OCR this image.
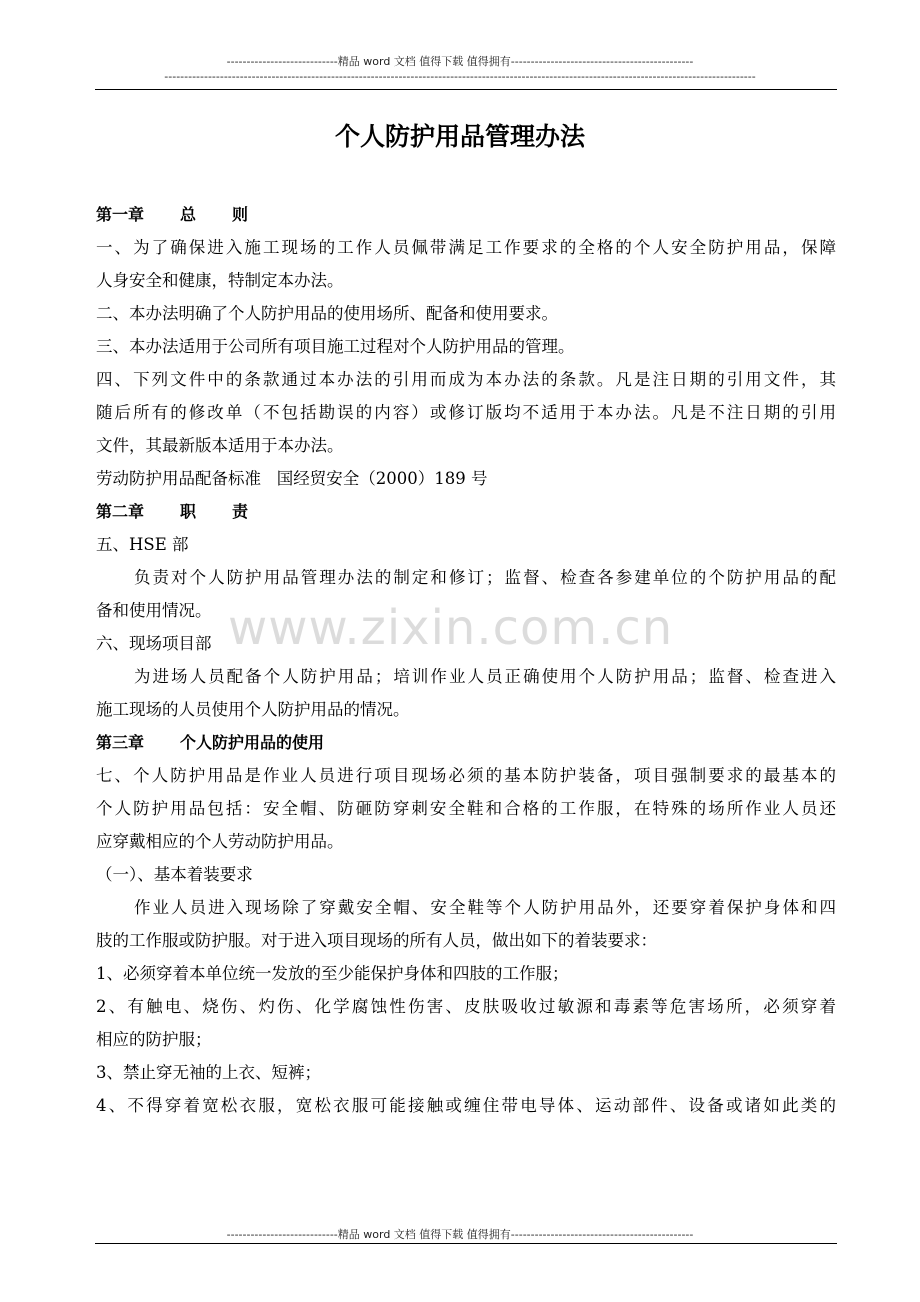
----------------------------精品 word 文档 值得下载 值得拥有----------------------------------------------
-----------------------------------------------------------------------------------------------------------------------------------------------------
www.zixin.com.cn
个人防护用品管理办法
第一章 总 则
一、为了确保进入施工现场的工作人员佩带满足工作要求的全格的个人安全防护用品，保障
人身安全和健康，特制定本办法。
二、本办法明确了个人防护用品的使用场所、配备和使用要求。
三、本办法适用于公司所有项目施工过程对个人防护用品的管理。
四、下列文件中的条款通过本办法的引用而成为本办法的条款。凡是注日期的引用文件，其
随后所有的修改单（不包括勘误的内容）或修订版均不适用于本办法。凡是不注日期的引用
文件，其最新版本适用于本办法。
劳动防护用品配备标准   国经贸安全（2000）189 号
第二章 职 责
五、HSE 部
负责对个人防护用品管理办法的制定和修订；监督、检查各参建单位的个防护用品的配
备和使用情况。
六、现场项目部
为进场人员配备个人防护用品；培训作业人员正确使用个人防护用品；监督、检查进入
施工现场的人员使用个人防护用品的情况。
第三章 个人防护用品的使用
七、个人防护用品是作业人员进行项目现场必须的基本防护装备，项目强制要求的最基本的
个人防护用品包括：安全帽、防砸防穿刺安全鞋和合格的工作服，在特殊的场所作业人员还
应穿戴相应的个人劳动防护用品。
（一）、基本着装要求
作业人员进入现场除了穿戴安全帽、安全鞋等个人防护用品外，还要穿着保护身体和四
肢的工作服或防护服。对于进入项目现场的所有人员，做出如下的着装要求：
1、必须穿着本单位统一发放的至少能保护身体和四肢的工作服；
2、有触电、烧伤、灼伤、化学腐蚀性伤害、皮肤吸收过敏源和毒素等危害场所，必须穿着
相应的防护服；
3、禁止穿无袖的上衣、短裤；
4、不得穿着宽松衣服，宽松衣服可能接触或缠住带电导体、运动部件、设备或诸如此类的
----------------------------精品 word 文档 值得下载 值得拥有----------------------------------------------
